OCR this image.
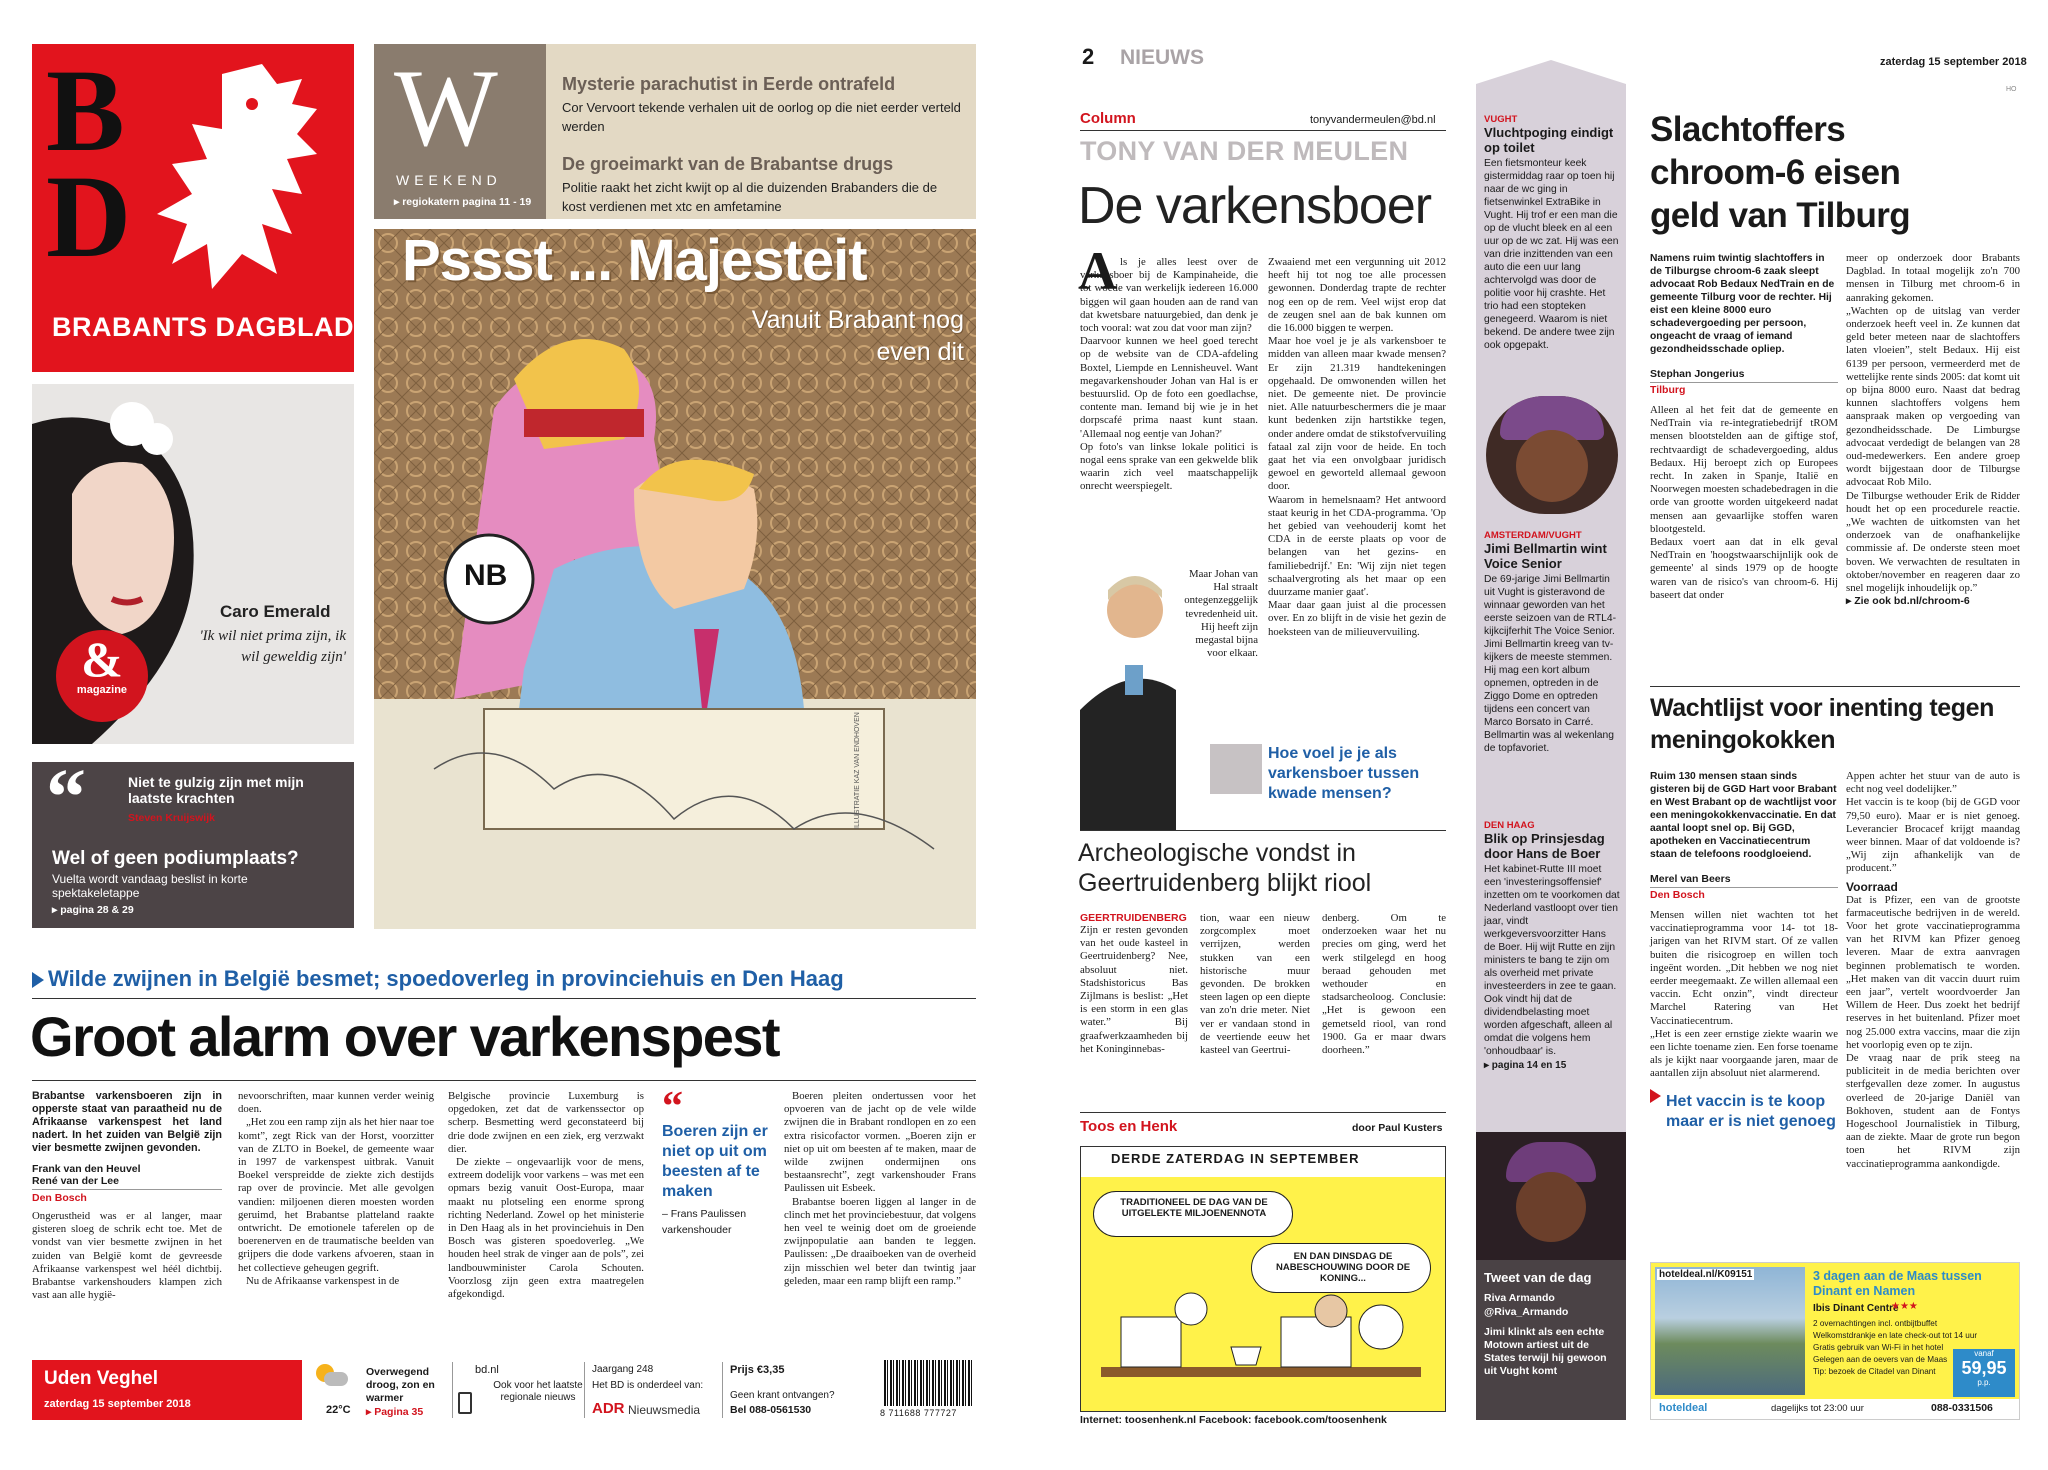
B
D
BRABANTS DAGBLAD
W
WEEKEND
▸ regiokatern pagina 11 - 19
Mysterie parachutist in Eerde ontrafeld
Cor Vervoort tekende verhalen uit de oorlog op die niet eerder verteld werden
De groeimarkt van de Brabantse drugs
Politie raakt het zicht kwijt op al die duizenden Brabanders die de kost verdienen met xtc en amfetamine
Pssst ... Majesteit
Vanuit Brabant nog even dit
NB
ILLUSTRATIE KAZ VAN ENDHOVEN
Caro Emerald
'Ik wil niet prima zijn, ik wil geweldig zijn'
&
magazine
“	Niet te gulzig zijn met mijn laatste krachten
Steven Kruijswijk
Wel of geen podiumplaats?
Vuelta wordt vandaag beslist in korte spektakeletappe
▸ pagina 28 & 29
Wilde zwijnen in België besmet; spoedoverleg in provinciehuis en Den Haag
Groot alarm over varkenspest
Brabantse varkensboeren zijn in opperste staat van paraatheid nu de Afrikaanse varkenspest het land nadert. In het zuiden van België zijn vier besmette zwijnen gevonden.
Frank van den Heuvel
René van der Lee
Den Bosch
Ongerustheid was er al langer, maar gisteren sloeg de schrik echt toe. Met de vondst van vier besmette zwijnen in het zuiden van België komt de gevreesde Afrikaanse varkenspest wel héél dichtbij. Brabantse varkenshouders klampen zich vast aan alle hygië-

nevoorschriften, maar kunnen verder weinig doen.

„Het zou een ramp zijn als het hier naar toe komt”, zegt Rick van der Horst, voorzitter van de ZLTO in Boekel, de gemeente waar in 1997 de varkenspest uitbrak. Vanuit Boekel verspreidde de ziekte zich destijds rap over de provincie. Met alle gevolgen vandien: miljoenen dieren moesten worden geruimd, het Brabantse platteland raakte ontwricht. De emotionele taferelen op de boerenerven en de traumatische beelden van grijpers die dode varkens afvoeren, staan in het collectieve geheugen gegrift.

Nu de Afrikaanse varkenspest in de

Belgische provincie Luxemburg is opgedoken, zet dat de varkenssector op scherp. Besmetting werd geconstateerd bij drie dode zwijnen en een ziek, erg verzwakt dier.

De ziekte – ongevaarlijk voor de mens, extreem dodelijk voor varkens – was met een opmars bezig vanuit Oost-Europa, maar maakt nu plotseling een enorme sprong richting Nederland. Zowel op het ministerie in Den Haag als in het provinciehuis in Den Bosch was gisteren spoedoverleg. „We houden heel strak de vinger aan de pols”, zei landbouwminister Carola Schouten. Voorzlosg zijn geen extra maatregelen afgekondigd.

“
Boeren zijn er niet op uit om beesten af te maken
– Frans Paulissen
varkenshouder

Boeren pleiten ondertussen voor het opvoeren van de jacht op de vele wilde zwijnen die in Brabant rondlopen en zo een extra risicofactor vormen. „Boeren zijn er niet op uit om beesten af te maken, maar de wilde zwijnen ondermijnen ons bestaansrecht”, zegt varkenshouder Frans Paulissen uit Esbeek.

Brabantse boeren liggen al langer in de clinch met het provinciebestuur, dat volgens hen veel te weinig doet om de groeiende zwijnpopulatie aan banden te leggen. Paulissen: „De draaiboeken van de overheid zijn misschien wel beter dan twintig jaar geleden, maar een ramp blijft een ramp.”

Uden Veghel
zaterdag 15 september 2018	22°C
Overwegend droog, zon en warmer
▸ Pagina 35
bd.nl
Ook voor het laatste regionale nieuws
Jaargang 248
Het BD is onderdeel van:
ADR Nieuwsmedia
Prijs €3,35
Geen krant ontvangen?
Bel 088-0561530	8 711688 777727
2 NIEUWS	zaterdag 15 september 2018
HO
Column	tonyvandermeulen@bd.nl
TONY VAN DER MEULEN
De varkensboer
A ls je alles leest over de varkensboer bij de Kampinaheide, die tot woede van werkelijk iedereen 16.000 biggen wil gaan houden aan de rand van dat kwetsbare natuurgebied, dan denk je toch vooral: wat zou dat voor man zijn?
Daarvoor kunnen we heel goed terecht op de website van de CDA-afdeling Boxtel, Liempde en Lennisheuvel. Want megavarkenshouder Johan van Hal is er bestuurslid. Op de foto een goedlachse, contente man. Iemand bij wie je in het dorpscafé prima naast kunt staan. 'Allemaal nog eentje van Johan?'
Op foto's van linkse lokale politici is nogal eens sprake van een gekwelde blik waarin zich veel maatschappelijk onrecht weerspiegelt.
Maar Johan van Hal straalt ontegenzeggelijk tevredenheid uit. Hij heeft zijn megastal bijna voor elkaar.
Zwaaiend met een vergunning uit 2012 heeft hij tot nog toe alle processen gewonnen. Donderdag trapte de rechter nog een op de rem. Veel wijst erop dat de zeugen snel aan de bak kunnen om die 16.000 biggen te werpen.
Maar hoe voel je je als varkensboer te midden van alleen maar kwade mensen? Er zijn 21.319 handtekeningen opgehaald. De omwonenden willen het niet. De gemeente niet. De provincie niet. Alle natuurbeschermers die je maar kunt bedenken zijn hartstikke tegen, onder andere omdat de stikstofvervuiling fataal zal zijn voor de heide. En toch gaat het via een onvolgbaar juridisch gewoel en geworteld allemaal gewoon door.
Waarom in hemelsnaam? Het antwoord staat keurig in het CDA-programma. 'Op het gebied van veehouderij komt het CDA in de eerste plaats op voor de belangen van het gezins- en familiebedrijf.' En: 'Wij zijn niet tegen schaalvergroting als het maar op een duurzame manier gaat'.
Maar daar gaan juist al die processen over. En zo blijft in de visie het gezin de hoeksteen van de milieuvervuiling.
Hoe voel je je als varkensboer tussen kwade mensen?
Archeologische vondst in Geertruidenberg blijkt riool
GEERTRUIDENBERG
Zijn er resten gevonden van het oude kasteel in Geertruidenberg? Nee, absoluut niet. Stadshistoricus Bas Zijlmans is beslist: „Het is een storm in een glas water.” Bij graafwerkzaamheden bij het Koninginnebas-
tion, waar een nieuw zorgcomplex moet verrijzen, werden stukken van een historische muur gevonden. De brokken steen lagen op een diepte van zo'n drie meter. Niet ver er vandaan stond in de veertiende eeuw het kasteel van Geertrui-
denberg. Om te onderzoeken waar het nu precies om ging, werd het werk stilgelegd en hoog beraad gehouden met wethouder en stadsarcheoloog. Conclusie: „Het is gewoon een gemetseld riool, van rond 1900. Ga er maar dwars doorheen.”
Toos en Henk	door Paul Kusters
DERDE ZATERDAG IN SEPTEMBER
TRADITIONEEL DE DAG VAN DE UITGELEKTE MILJOENENNOTA
EN DAN DINSDAG DE NABESCHOUWING DOOR DE KONING...
Internet: toosenhenk.nl Facebook: facebook.com/toosenhenk
VUGHT
Vluchtpoging eindigt op toilet
Een fietsmonteur keek gistermiddag raar op toen hij naar de wc ging in fietsenwinkel ExtraBike in Vught. Hij trof er een man die op de vlucht bleek en al een uur op de wc zat. Hij was een van drie inzittenden van een auto die een uur lang achtervolgd was door de politie voor hij crashte. Het trio had een stopteken genegeerd. Waarom is niet bekend. De andere twee zijn ook opgepakt.
AMSTERDAM/VUGHT
Jimi Bellmartin wint Voice Senior
De 69-jarige Jimi Bellmartin uit Vught is gisteravond de winnaar geworden van het eerste seizoen van de RTL4-kijkcijferhit The Voice Senior. Jimi Bellmartin kreeg van tv-kijkers de meeste stemmen. Hij mag een kort album opnemen, optreden in de Ziggo Dome en optreden tijdens een concert van Marco Borsato in Carré. Bellmartin was al wekenlang de topfavoriet.
DEN HAAG
Blik op Prinsjesdag door Hans de Boer
Het kabinet-Rutte III moet een 'investeringsoffensief' inzetten om te voorkomen dat Nederland vastloopt over tien jaar, vindt werkgeversvoorzitter Hans de Boer. Hij wijt Rutte en zijn ministers te bang te zijn om als overheid met private investeerders in zee te gaan. Ook vindt hij dat de dividendbelasting moet worden afgeschaft, alleen al omdat die volgens hem 'onhoudbaar' is.
▸ pagina 14 en 15
Tweet van de dag
Riva Armando
@Riva_Armando
Jimi klinkt als een echte Motown artiest uit de States terwijl hij gewoon uit Vught komt
Slachtoffers chroom-6 eisen geld van Tilburg
Namens ruim twintig slachtoffers in de Tilburgse chroom-6 zaak sleept advocaat Rob Bedaux NedTrain en de gemeente Tilburg voor de rechter. Hij eist een kleine 8000 euro schadevergoeding per persoon, ongeacht de vraag of iemand gezondheidsschade opliep.
Stephan Jongerius
Tilburg
Alleen al het feit dat de gemeente en NedTrain via re-integratiebedrijf tROM mensen blootstelden aan de giftige stof, rechtvaardigt de schadevergoeding, aldus Bedaux. Hij beroept zich op Europees recht. In zaken in Spanje, Italië en Noorwegen moesten schadebedragen in die orde van grootte worden uitgekeerd nadat mensen aan gevaarlijke stoffen waren blootgesteld.
Bedaux voert aan dat in elk geval NedTrain en 'hoogstwaarschijnlijk ook de gemeente' al sinds 1979 op de hoogte waren van de risico's van chroom-6. Hij baseert dat onder
meer op onderzoek door Brabants Dagblad. In totaal mogelijk zo'n 700 mensen in Tilburg met chroom-6 in aanraking gekomen.
„Wachten op de uitslag van verder onderzoek heeft veel in. Ze kunnen dat geld beter meteen naar de slachtoffers laten vloeien”, stelt Bedaux. Hij eist 6139 per persoon, vermeerderd met de wettelijke rente sinds 2005: dat komt uit op bijna 8000 euro. Naast dat bedrag kunnen slachtoffers volgens hem aanspraak maken op vergoeding van gezondheidsschade. De Limburgse advocaat verdedigt de belangen van 28 oud-medewerkers. Een andere groep wordt bijgestaan door de Tilburgse advocaat Rob Milo.
De Tilburgse wethouder Erik de Ridder houdt het op een procedurele reactie. „We wachten de uitkomsten van het onderzoek van de onafhankelijke commissie af. De onderste steen moet boven. We verwachten de resultaten in oktober/november en reageren daar zo snel mogelijk inhoudelijk op.”
▸ Zie ook bd.nl/chroom-6
Wachtlijst voor inenting tegen meningokokken
Ruim 130 mensen staan sinds gisteren bij de GGD Hart voor Brabant en West Brabant op de wachtlijst voor een meningokokkenvaccinatie. En dat aantal loopt snel op. Bij GGD, apotheken en Vaccinatiecentrum staan de telefoons roodgloeiend.
Merel van Beers
Den Bosch
Mensen willen niet wachten tot het vaccinatieprogramma voor 14- tot 18-jarigen van het RIVM start. Of ze vallen buiten die risicogroep en willen toch ingeënt worden. „Dit hebben we nog niet eerder meegemaakt. Ze willen allemaal een vaccin. Echt onzin”, vindt directeur Marchel Ratering van Het Vaccinatiecentrum.
„Het is een zeer ernstige ziekte waarin we een lichte toename zien. Een forse toename als je kijkt naar voorgaande jaren, maar de aantallen zijn absoluut niet alarmerend.
Het vaccin is te koop maar er is niet genoeg
Appen achter het stuur van de auto is echt nog veel dodelijker.”
Het vaccin is te koop (bij de GGD voor 79,50 euro). Maar er is niet genoeg. Leverancier Brocacef krijgt maandag weer binnen. Maar of dat voldoende is? „Wij zijn afhankelijk van de producent.”
Voorraad
Dat is Pfizer, een van de grootste farmaceutische bedrijven in de wereld. Voor het grote vaccinatieprogramma van het RIVM kan Pfizer genoeg leveren. Maar de extra aanvragen beginnen problematisch te worden. „Het maken van dit vaccin duurt ruim een jaar”, vertelt woordvoerder Jan Willem de Heer. Dus zoekt het bedrijf reserves in het buitenland. Pfizer moet nog 25.000 extra vaccins, maar die zijn het voorlopig even op te zijn.
De vraag naar de prik steeg na publiciteit in de media berichten over sterfgevallen deze zomer. In augustus overleed de 20-jarige Daniël van Bokhoven, student aan de Fontys Hogeschool Journalistiek in Tilburg, aan de ziekte. Maar de grote run begon toen het RIVM zijn vaccinatieprogramma aankondigde.
hoteldeal.nl/K09151	3 dagen aan de Maas tussen Dinant en Namen
Ibis Dinant Centre
★★★
2 overnachtingen incl. ontbijtbuffet
Welkomstdrankje en late check-out tot 14 uur
Gratis gebruik van Wi-Fi in het hotel
Gelegen aan de oevers van de Maas
Tip: bezoek de Citadel van Dinant
vanaf
59,95
p.p.
hoteldeal	dagelijks tot 23:00 uur	088-0331506
